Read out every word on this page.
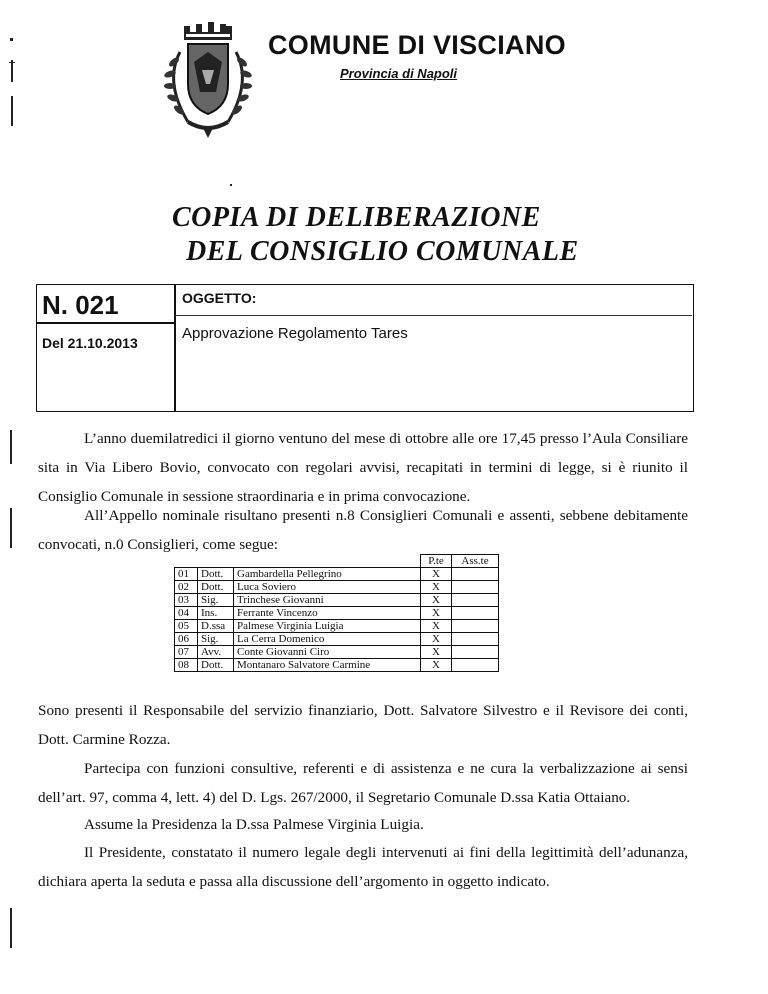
COMUNE DI VISCIANO
Provincia di Napoli
COPIA DI DELIBERAZIONE
DEL CONSIGLIO COMUNALE
N. 021
Del 21.10.2013
OGGETTO:
Approvazione Regolamento Tares
L’anno duemilatredici il giorno ventuno del mese di ottobre alle ore 17,45 presso l’Aula Consiliare sita in Via Libero Bovio, convocato con regolari avvisi, recapitati in termini di legge, si è riunito il Consiglio Comunale in sessione straordinaria e in prima convocazione.
All’Appello nominale risultano presenti n.8 Consiglieri Comunali e assenti, sebbene debitamente convocati, n.0 Consiglieri, come segue:
			P.te	Ass.te
01	Dott.	Gambardella Pellegrino	X	
02	Dott.	Luca Soviero	X	
03	Sig.	Trinchese Giovanni	X	
04	Ins.	Ferrante Vincenzo	X	
05	D.ssa	Palmese Virginia Luigia	X	
06	Sig.	La Cerra Domenico	X	
07	Avv.	Conte Giovanni Ciro	X	
08	Dott.	Montanaro Salvatore Carmine	X	
Sono presenti il Responsabile del servizio finanziario, Dott. Salvatore Silvestro e il Revisore dei conti, Dott. Carmine Rozza.
Partecipa con funzioni consultive, referenti e di assistenza e ne cura la verbalizzazione ai sensi dell’art. 97, comma 4, lett. 4) del D. Lgs. 267/2000, il Segretario Comunale D.ssa Katia Ottaiano.
Assume la Presidenza la D.ssa Palmese Virginia Luigia.
Il Presidente, constatato il numero legale degli intervenuti ai fini della legittimità dell’adunanza, dichiara aperta la seduta e passa alla discussione dell’argomento in oggetto indicato.
